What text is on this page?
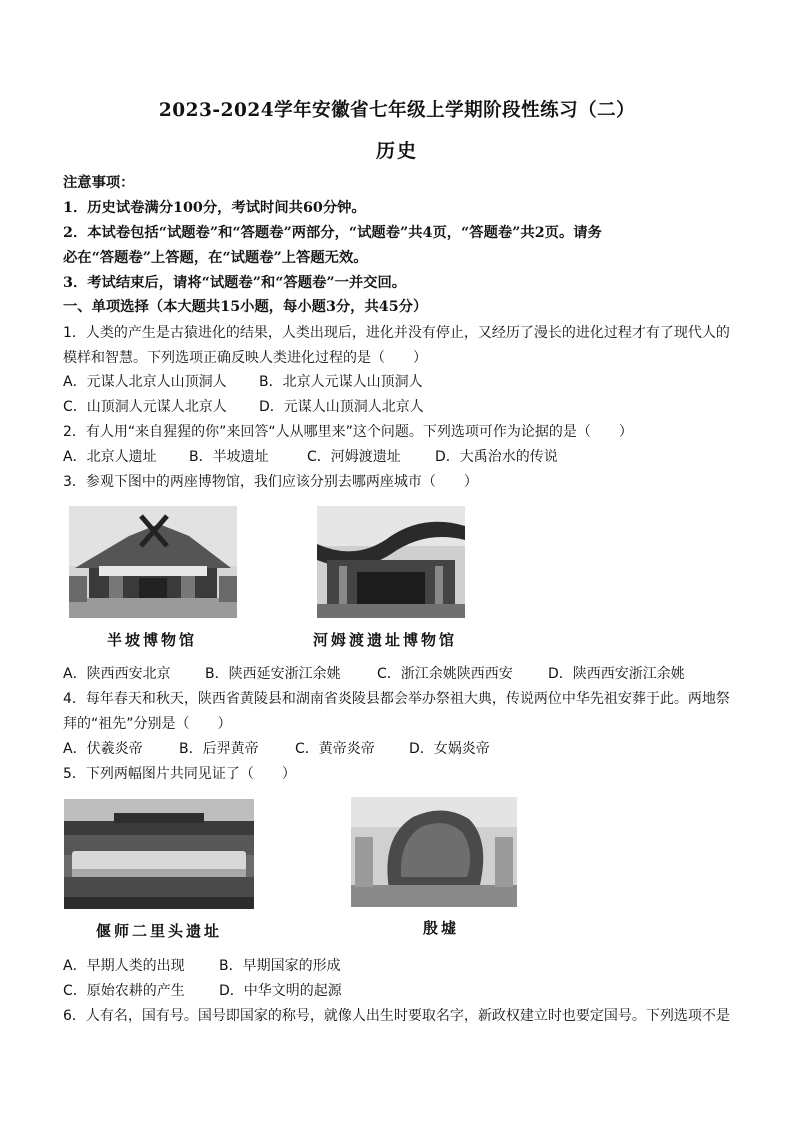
2023-2024学年安徽省七年级上学期阶段性练习（二）
历史
注意事项：
1．历史试卷满分100分，考试时间共60分钟。
2．本试卷包括“试题卷”和“答题卷”两部分，“试题卷”共4页，“答题卷”共2页。请务
必在“答题卷”上答题，在“试题卷”上答题无效。
3．考试结束后，请将“试题卷”和“答题卷”一并交回。
一、单项选择（本大题共15小题，每小题3分，共45分）
1．人类的产生是古猿进化的结果，人类出现后，进化并没有停止，又经历了漫长的进化过程才有了现代人的
模样和智慧。下列选项正确反映人类进化过程的是（　　）
A．元谋人北京人山顶洞人 B．北京人元谋人山顶洞人
C．山顶洞人元谋人北京人 D．元谋人山顶洞人北京人
2．有人用“来自猩猩的你”来回答“人从哪里来”这个问题。下列选项可作为论据的是（　　）
A．北京人遗址 B．半坡遗址	C．河姆渡遗址 D．大禹治水的传说
3．参观下图中的两座博物馆，我们应该分别去哪两座城市（　　）
半坡博物馆	河姆渡遗址博物馆
A．陕西西安北京 B．陕西延安浙江余姚	C．浙江余姚陕西西安	D．陕西西安浙江余姚
4．每年春天和秋天，陕西省黄陵县和湖南省炎陵县都会举办祭祖大典，传说两位中华先祖安葬于此。两地祭
拜的“祖先”分别是（　　）
A．伏羲炎帝	B．后羿黄帝	C．黄帝炎帝 D．女娲炎帝
5．下列两幅图片共同见证了（　　）
偃师二里头遗址	殷墟
A．早期人类的出现 B．早期国家的形成
C．原始农耕的产生 D．中华文明的起源
6．人有名，国有号。国号即国家的称号，就像人出生时要取名字，新政权建立时也要定国号。下列选项不是
